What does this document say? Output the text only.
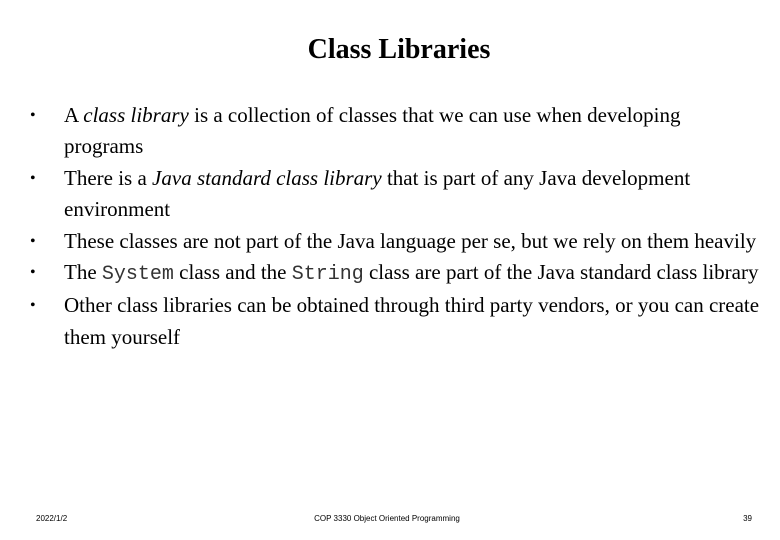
Class Libraries
•	A class library is a collection of classes that we can use when developing programs
•	There is a Java standard class library that is part of any Java development environment
•	These classes are not part of the Java language per se, but we rely on them heavily
•	The System class and the String class are part of the Java standard class library
•	Other class libraries can be obtained through third party vendors, or you can create them yourself
2022/1/2	COP 3330 Object Oriented Programming	39
